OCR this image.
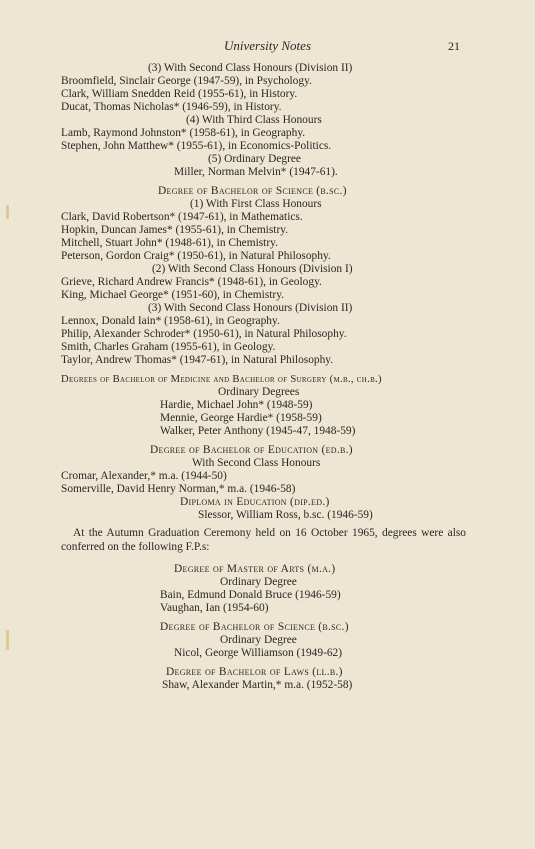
University Notes	21
(3) With Second Class Honours (Division II)
Broomfield, Sinclair George (1947-59), in Psychology.
Clark, William Snedden Reid (1955-61), in History.
Ducat, Thomas Nicholas* (1946-59), in History.
(4) With Third Class Honours
Lamb, Raymond Johnston* (1958-61), in Geography.
Stephen, John Matthew* (1955-61), in Economics-Politics.
(5) Ordinary Degree
Miller, Norman Melvin* (1947-61).
Degree of Bachelor of Science (b.sc.)
(1) With First Class Honours
Clark, David Robertson* (1947-61), in Mathematics.
Hopkin, Duncan James* (1955-61), in Chemistry.
Mitchell, Stuart John* (1948-61), in Chemistry.
Peterson, Gordon Craig* (1950-61), in Natural Philosophy.
(2) With Second Class Honours (Division I)
Grieve, Richard Andrew Francis* (1948-61), in Geology.
King, Michael George* (1951-60), in Chemistry.
(3) With Second Class Honours (Division II)
Lennox, Donald Iain* (1958-61), in Geography.
Philip, Alexander Schroder* (1950-61), in Natural Philosophy.
Smith, Charles Graham (1955-61), in Geology.
Taylor, Andrew Thomas* (1947-61), in Natural Philosophy.
Degrees of Bachelor of Medicine and Bachelor of Surgery (m.b., ch.b.)
Ordinary Degrees
Hardie, Michael John* (1948-59)
Mennie, George Hardie* (1958-59)
Walker, Peter Anthony (1945-47, 1948-59)
Degree of Bachelor of Education (ed.b.)
With Second Class Honours
Cromar, Alexander,* m.a. (1944-50)
Somerville, David Henry Norman,* m.a. (1946-58)
Diploma in Education (dip.ed.)
Slessor, William Ross, b.sc. (1946-59)
At the Autumn Graduation Ceremony held on 16 October 1965, degrees were also conferred on the following F.P.s:
Degree of Master of Arts (m.a.)
Ordinary Degree
Bain, Edmund Donald Bruce (1946-59)
Vaughan, Ian (1954-60)
Degree of Bachelor of Science (b.sc.)
Ordinary Degree
Nicol, George Williamson (1949-62)
Degree of Bachelor of Laws (ll.b.)
Shaw, Alexander Martin,* m.a. (1952-58)
